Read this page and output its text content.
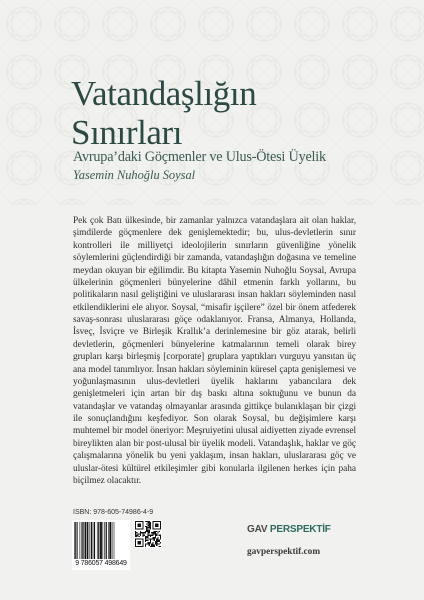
Vatandaşlığın
Sınırları
Avrupa’daki Göçmenler ve Ulus-Ötesi Üyelik
Yasemin Nuhoğlu Soysal

Pek çok Batı ülkesinde, bir zamanlar yalnızca vatandaşlara ait olan haklar, şimdilerde göçmenlere dek genişlemektedir; bu, ulus-devletlerin sınır kontrolleri ile milliyetçi ideolojilerin sınırların güvenliğine yönelik söylemlerini güçlendirdiği bir zamanda, vatandaşlığın doğasına ve temeline meydan okuyan bir eğilimdir. Bu kitapta Yasemin Nuhoğlu Soysal, Avrupa ülkelerinin göçmenleri bünyelerine dâhil etmenin farklı yollarını, bu politikaların nasıl geliştiğini ve uluslararası insan hakları söyleminden nasıl etkilendiklerini ele alıyor. Soysal, “misafir işçilere” özel bir önem atfederek savaş-sonrası uluslararası göçe odaklanıyor. Fransa, Almanya, Hollanda, İsveç, İsviçre ve Birleşik Krallık’a derinlemesine bir göz atarak, belirli devletlerin, göçmenleri bünyelerine katmalarının temeli olarak birey grupları karşı birleşmiş [corporate] gruplara yaptıkları vurguyu yansıtan üç ana model tanımlıyor. İnsan hakları söyleminin küresel çapta genişlemesi ve yoğunlaşmasının ulus-devletleri üyelik haklarını yabancılara dek genişletmeleri için artan bir dış baskı altına soktuğunu ve bunun da vatandaşlar ve vatandaş olmayanlar arasında gittikçe bulanıklaşan bir çizgi ile sonuçlandığını keşfediyor. Son olarak Soysal, bu değişimlere karşı muhtemel bir model öneriyor: Meşruiyetini ulusal aidiyetten ziyade evrensel bireylikten alan bir post-ulusal bir üyelik modeli. Vatandaşlık, haklar ve göç çalışmalarına yönelik bu yeni yaklaşım, insan hakları, uluslararası göç ve uluslar-ötesi kültürel etkileşimler gibi konularla ilgilenen herkes için paha biçilmez olacaktır.

ISBN: 978-605-74986-4-9
9 786057 498649
GAV PERSPEKTİF
gavperspektif.com
